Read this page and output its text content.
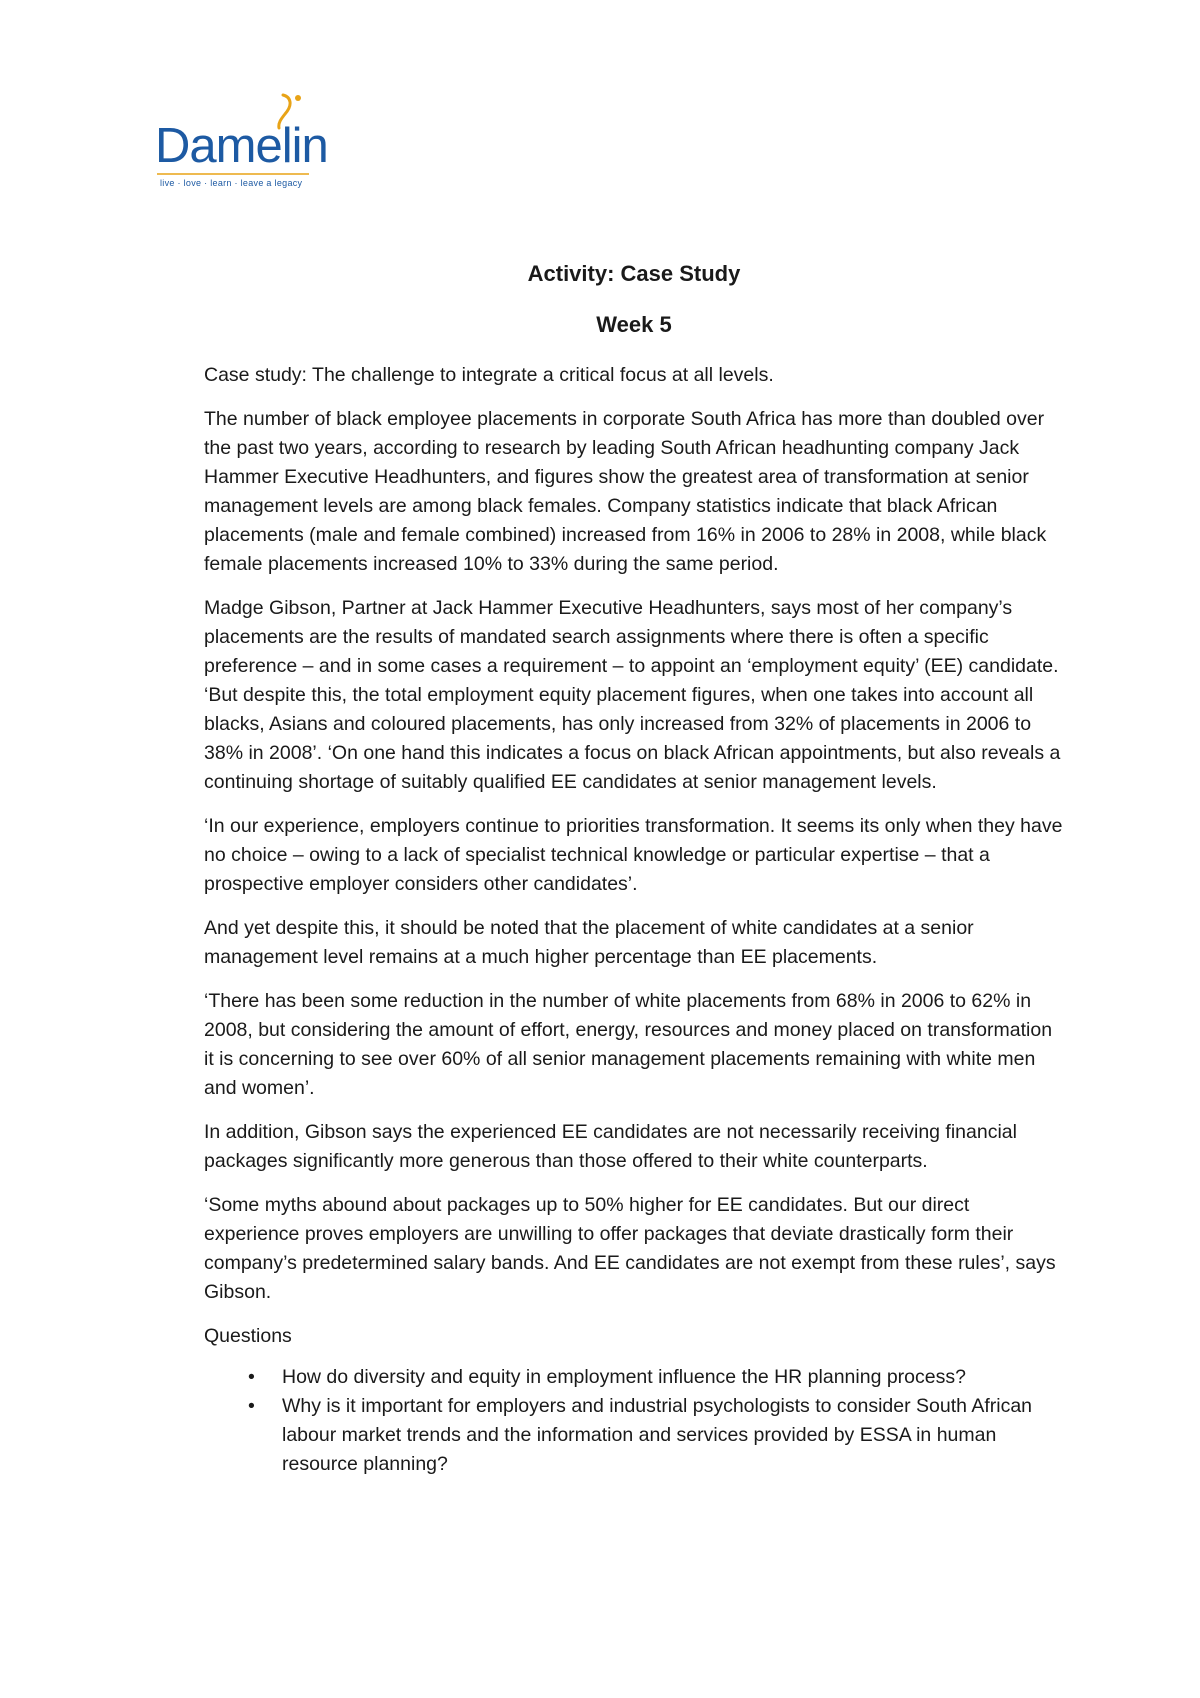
Damelin
live · love · learn · leave a legacy
Activity: Case Study
Week 5

Case study: The challenge to integrate a critical focus at all levels.

The number of black employee placements in corporate South Africa has more than doubled over the past two years, according to research by leading South African headhunting company Jack Hammer Executive Headhunters, and figures show the greatest area of transformation at senior management levels are among black females. Company statistics indicate that black African placements (male and female combined) increased from 16% in 2006 to 28% in 2008, while black female placements increased 10% to 33% during the same period.

Madge Gibson, Partner at Jack Hammer Executive Headhunters, says most of her company’s placements are the results of mandated search assignments where there is often a specific preference – and in some cases a requirement – to appoint an ‘employment equity’ (EE) candidate. ‘But despite this, the total employment equity placement figures, when one takes into account all blacks, Asians and coloured placements, has only increased from 32% of placements in 2006 to 38% in 2008’. ‘On one hand this indicates a focus on black African appointments, but also reveals a continuing shortage of suitably qualified EE candidates at senior management levels.

‘In our experience, employers continue to priorities transformation. It seems its only when they have no choice – owing to a lack of specialist technical knowledge or particular expertise – that a prospective employer considers other candidates’.

And yet despite this, it should be noted that the placement of white candidates at a senior management level remains at a much higher percentage than EE placements.

‘There has been some reduction in the number of white placements from 68% in 2006 to 62% in 2008, but considering the amount of effort, energy, resources and money placed on transformation it is concerning to see over 60% of all senior management placements remaining with white men and women’.

In addition, Gibson says the experienced EE candidates are not necessarily receiving financial packages significantly more generous than those offered to their white counterparts.

‘Some myths abound about packages up to 50% higher for EE candidates. But our direct experience proves employers are unwilling to offer packages that deviate drastically form their company’s predetermined salary bands. And EE candidates are not exempt from these rules’, says Gibson.

Questions

• How do diversity and equity in employment influence the HR planning process?
• Why is it important for employers and industrial psychologists to consider South African labour market trends and the information and services provided by ESSA in human resource planning?
